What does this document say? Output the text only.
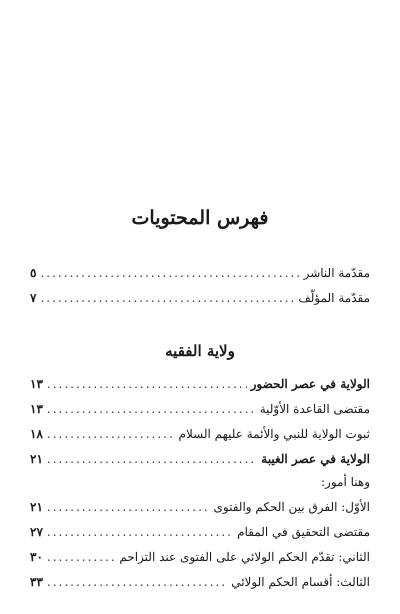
فهرس المحتويات
٥ .....	مقدّمة الناشر
٧ .....	مقدّمة المؤلّف
ولاية الفقيه
١٣ .....	الولاية في عصر الحضور
١٣ .....	مقتضى القاعدة الأوّلية
١٨ .....	ثبوت الولاية للنبي والأئمة عليهم السلام
٢١ .....	الولاية في عصر الغيبة
وهنا أمور:
٢١ .....	الأوّل: الفرق بين الحكم والفتوى
٢٧ .....	مقتضى التحقيق في المقام
٣٠ .....	الثاني: تقدّم الحكم الولائي على الفتوى عند التزاحم
٣٣ .....	الثالث: أقسام الحكم الولائي
